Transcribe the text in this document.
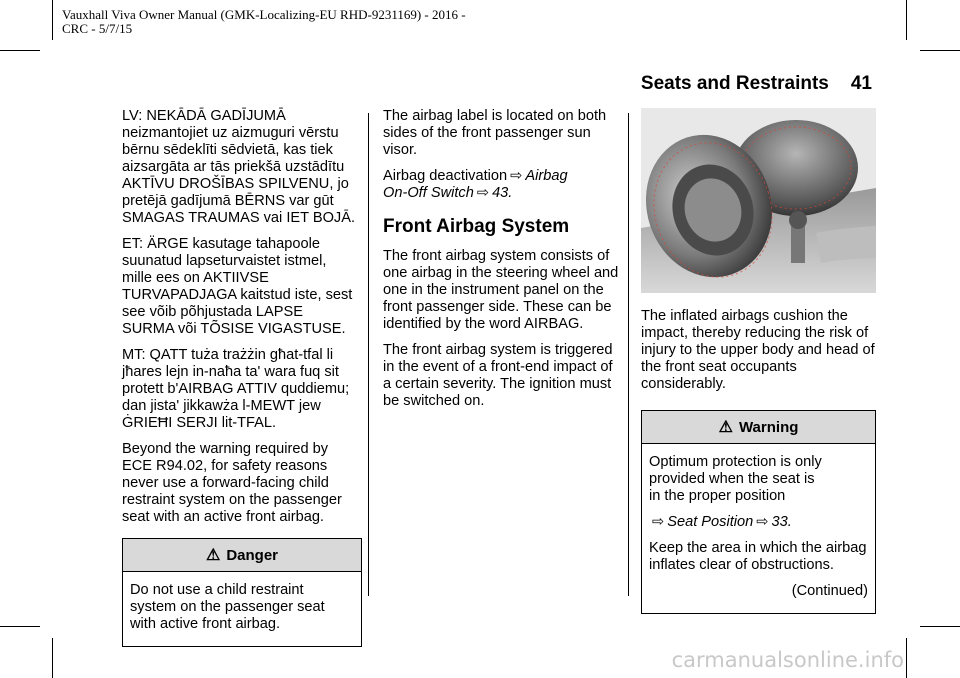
Vauxhall Viva Owner Manual (GMK-Localizing-EU RHD-9231169) - 2016 -
CRC - 5/7/15
Seats and Restraints 41

LV: NEKĀDĀ GADĪJUMĀ
neizmantojiet uz aizmuguri vērstu
bērnu sēdeklīti sēdvietā, kas tiek
aizsargāta ar tās priekšā uzstādītu
AKTĪVU DROŠĪBAS SPILVENU, jo
pretējā gadījumā BĒRNS var gūt
SMAGAS TRAUMAS vai IET BOJĀ.

ET: ÄRGE kasutage tahapoole
suunatud lapseturvaistet istmel,
mille ees on AKTIIVSE
TURVAPADJAGA kaitstud iste, sest
see võib põhjustada LAPSE
SURMA või TÕSISE VIGASTUSE.

MT: QATT tuża trażżin għat-tfal li
jħares lejn in-naħa ta' wara fuq sit
protett b'AIRBAG ATTIV quddiemu;
dan jista' jikkawża l-MEWT jew
ĠRIEĦI SERJI lit-TFAL.

Beyond the warning required by
ECE R94.02, for safety reasons
never use a forward-facing child
restraint system on the passenger
seat with an active front airbag.

⚠ Danger

Do not use a child restraint
system on the passenger seat
with active front airbag.

The airbag label is located on both
sides of the front passenger sun
visor.

Airbag deactivation ⇨ Airbag
On-Off Switch ⇨ 43.

Front Airbag System

The front airbag system consists of
one airbag in the steering wheel and
one in the instrument panel on the
front passenger side. These can be
identified by the word AIRBAG.

The front airbag system is triggered
in the event of a front-end impact of
a certain severity. The ignition must
be switched on.

The inflated airbags cushion the
impact, thereby reducing the risk of
injury to the upper body and head of
the front seat occupants
considerably.

⚠ Warning

Optimum protection is only
provided when the seat is
in the proper position

⇨ Seat Position ⇨ 33.

Keep the area in which the airbag
inflates clear of obstructions.

(Continued)

carmanualsonline.info
